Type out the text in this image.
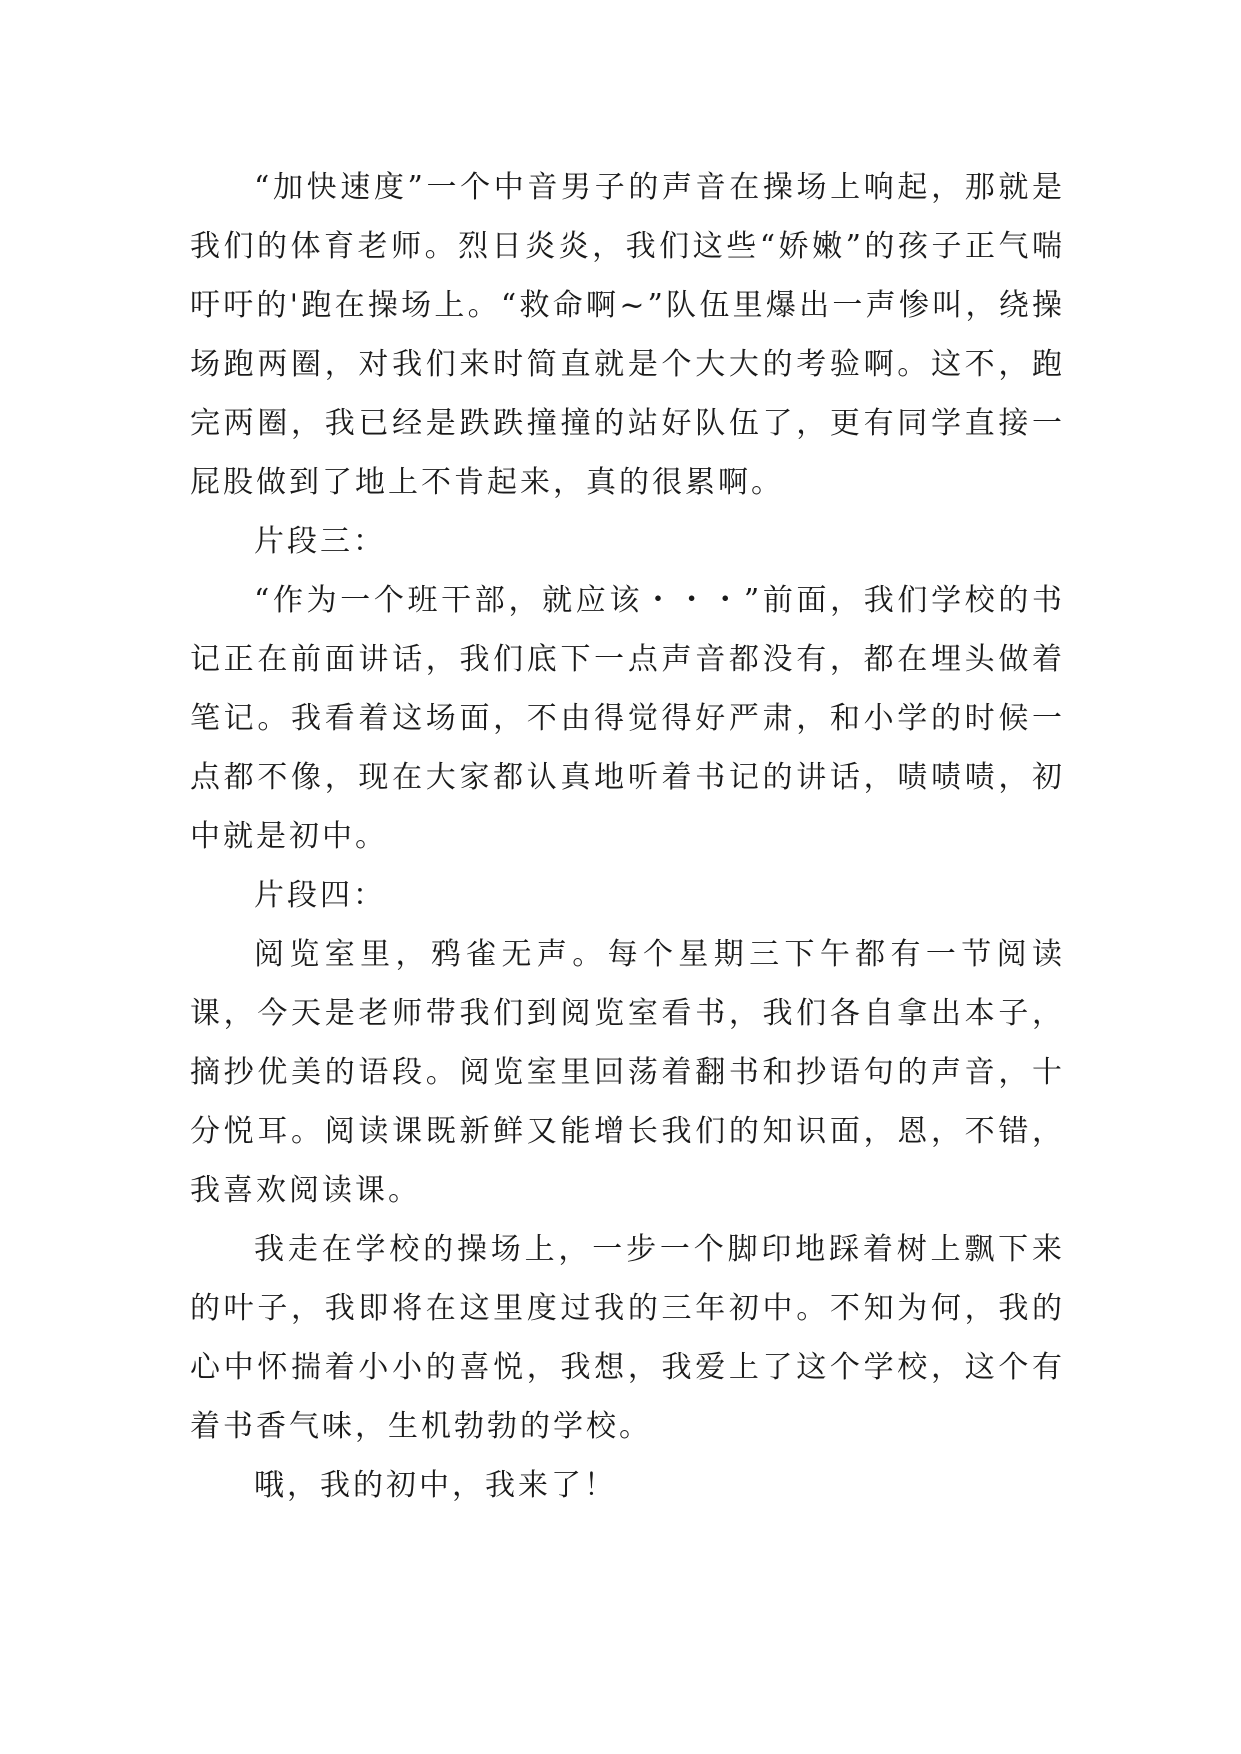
“加快速度”一个中音男子的声音在操场上响起，那就是我们的体育老师。烈日炎炎，我们这些“娇嫩”的孩子正气喘吁吁的'跑在操场上。“救命啊~”队伍里爆出一声惨叫，绕操场跑两圈，对我们来时简直就是个大大的考验啊。这不，跑完两圈，我已经是跌跌撞撞的站好队伍了，更有同学直接一屁股做到了地上不肯起来，真的很累啊。

片段三：

“作为一个班干部，就应该・・・”前面，我们学校的书记正在前面讲话，我们底下一点声音都没有，都在埋头做着笔记。我看着这场面，不由得觉得好严肃，和小学的时候一点都不像，现在大家都认真地听着书记的讲话，啧啧啧，初中就是初中。

片段四：

阅览室里，鸦雀无声。每个星期三下午都有一节阅读课，今天是老师带我们到阅览室看书，我们各自拿出本子，摘抄优美的语段。阅览室里回荡着翻书和抄语句的声音，十分悦耳。阅读课既新鲜又能增长我们的知识面，恩，不错，我喜欢阅读课。

我走在学校的操场上，一步一个脚印地踩着树上飘下来的叶子，我即将在这里度过我的三年初中。不知为何，我的心中怀揣着小小的喜悦，我想，我爱上了这个学校，这个有着书香气味，生机勃勃的学校。

哦，我的初中，我来了！
